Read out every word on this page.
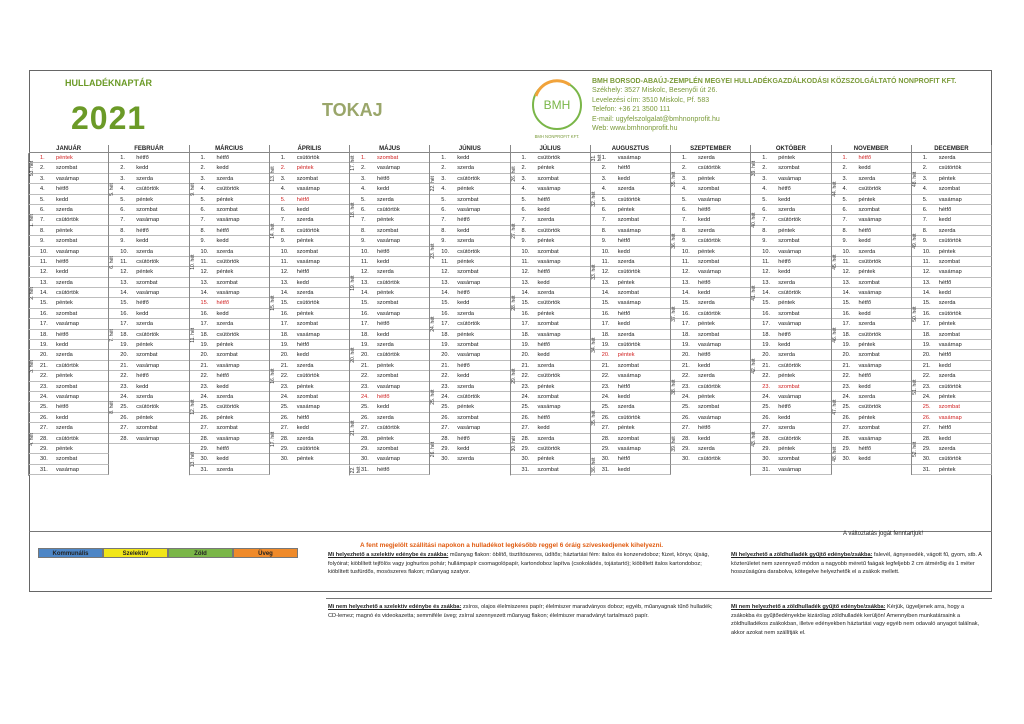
HULLADÉKNAPTÁR
2021	TOKAJ	BMH
BMH NONPROFIT KFT.
BMH BORSOD-ABAÚJ-ZEMPLÉN MEGYEI HULLADÉKGAZDÁLKODÁSI KÖZSZOLGÁLTATÓ NONPROFIT KFT.
Székhely: 3527 Miskolc, Besenyői út 26.
Levelezési cím: 3510 Miskolc, Pf. 583
Telefon: +36 21 3500 111
E-mail: ugyfelszolgalat@bmhnonprofit.hu
Web: www.bmhnonprofit.hu
JANUÁR
1. péntek
2. szombat
3. vasárnap
53. hét
4. hétfő
5. kedd
6. szerda
7. csütörtök
8. péntek
9. szombat
10. vasárnap
1. hét
11. hétfő
12. kedd
13. szerda
14. csütörtök
15. péntek
16. szombat
17. vasárnap
2. hét
18. hétfő
19. kedd
20. szerda
21. csütörtök
22. péntek
23. szombat
24. vasárnap
3. hét
25. hétfő
26. kedd
27. szerda
28. csütörtök
29. péntek
30. szombat
31. vasárnap
4. hét
FEBRUÁR
1. hétfő
2. kedd
3. szerda
4. csütörtök
5. péntek
6. szombat
7. vasárnap
5. hét
8. hétfő
9. kedd
10. szerda
11. csütörtök
12. péntek
13. szombat
14. vasárnap
6. hét
15. hétfő
16. kedd
17. szerda
18. csütörtök
19. péntek
20. szombat
21. vasárnap
7. hét
22. hétfő
23. kedd
24. szerda
25. csütörtök
26. péntek
27. szombat
28. vasárnap
8. hét
MÁRCIUS
1. hétfő
2. kedd
3. szerda
4. csütörtök
5. péntek
6. szombat
7. vasárnap
9. hét
8. hétfő
9. kedd
10. szerda
11. csütörtök
12. péntek
13. szombat
14. vasárnap
10. hét
15. hétfő
16. kedd
17. szerda
18. csütörtök
19. péntek
20. szombat
21. vasárnap
11. hét
22. hétfő
23. kedd
24. szerda
25. csütörtök
26. péntek
27. szombat
28. vasárnap
12. hét
29. hétfő
30. kedd
31. szerda
13. hét
ÁPRILIS
1. csütörtök
2. péntek
3. szombat
4. vasárnap
13. hét
5. hétfő
6. kedd
7. szerda
8. csütörtök
9. péntek
10. szombat
11. vasárnap
14. hét
12. hétfő
13. kedd
14. szerda
15. csütörtök
16. péntek
17. szombat
18. vasárnap
15. hét
19. hétfő
20. kedd
21. szerda
22. csütörtök
23. péntek
24. szombat
25. vasárnap
16. hét
26. hétfő
27. kedd
28. szerda
29. csütörtök
30. péntek
17. hét
MÁJUS
1. szombat
2. vasárnap
17. hét
3. hétfő
4. kedd
5. szerda
6. csütörtök
7. péntek
8. szombat
9. vasárnap
18. hét
10. hétfő
11. kedd
12. szerda
13. csütörtök
14. péntek
15. szombat
16. vasárnap
19. hét
17. hétfő
18. kedd
19. szerda
20. csütörtök
21. péntek
22. szombat
23. vasárnap
20. hét
24. hétfő
25. kedd
26. szerda
27. csütörtök
28. péntek
29. szombat
30. vasárnap
21. hét
31. hétfő
22. hét
JÚNIUS
1. kedd
2. szerda
3. csütörtök
4. péntek
5. szombat
6. vasárnap
22. hét
7. hétfő
8. kedd
9. szerda
10. csütörtök
11. péntek
12. szombat
13. vasárnap
23. hét
14. hétfő
15. kedd
16. szerda
17. csütörtök
18. péntek
19. szombat
20. vasárnap
24. hét
21. hétfő
22. kedd
23. szerda
24. csütörtök
25. péntek
26. szombat
27. vasárnap
25. hét
28. hétfő
29. kedd
30. szerda
26. hét
JÚLIUS
1. csütörtök
2. péntek
3. szombat
4. vasárnap
26. hét
5. hétfő
6. kedd
7. szerda
8. csütörtök
9. péntek
10. szombat
11. vasárnap
27. hét
12. hétfő
13. kedd
14. szerda
15. csütörtök
16. péntek
17. szombat
18. vasárnap
28. hét
19. hétfő
20. kedd
21. szerda
22. csütörtök
23. péntek
24. szombat
25. vasárnap
29. hét
26. hétfő
27. kedd
28. szerda
29. csütörtök
30. péntek
31. szombat
30. hét
AUGUSZTUS
1. vasárnap
31. hét
2. hétfő
3. kedd
4. szerda
5. csütörtök
6. péntek
7. szombat
8. vasárnap
32. hét
9. hétfő
10. kedd
11. szerda
12. csütörtök
13. péntek
14. szombat
15. vasárnap
33. hét
16. hétfő
17. kedd
18. szerda
19. csütörtök
20. péntek
21. szombat
22. vasárnap
34. hét
23. hétfő
24. kedd
25. szerda
26. csütörtök
27. péntek
28. szombat
29. vasárnap
35. hét
30. hétfő
31. kedd
36. hét
SZEPTEMBER
1. szerda
2. csütörtök
3. péntek
4. szombat
5. vasárnap
35. hét
6. hétfő
7. kedd
8. szerda
9. csütörtök
10. péntek
11. szombat
12. vasárnap
36. hét
13. hétfő
14. kedd
15. szerda
16. csütörtök
17. péntek
18. szombat
19. vasárnap
37. hét
20. hétfő
21. kedd
22. szerda
23. csütörtök
24. péntek
25. szombat
26. vasárnap
38. hét
27. hétfő
28. kedd
29. szerda
30. csütörtök
39. hét
OKTÓBER
1. péntek
2. szombat
3. vasárnap
39. hét
4. hétfő
5. kedd
6. szerda
7. csütörtök
8. péntek
9. szombat
10. vasárnap
40. hét
11. hétfő
12. kedd
13. szerda
14. csütörtök
15. péntek
16. szombat
17. vasárnap
41. hét
18. hétfő
19. kedd
20. szerda
21. csütörtök
22. péntek
23. szombat
24. vasárnap
42. hét
25. hétfő
26. kedd
27. szerda
28. csütörtök
29. péntek
30. szombat
31. vasárnap
43. hét
NOVEMBER
1. hétfő
2. kedd
3. szerda
4. csütörtök
5. péntek
6. szombat
7. vasárnap
44. hét
8. hétfő
9. kedd
10. szerda
11. csütörtök
12. péntek
13. szombat
14. vasárnap
45. hét
15. hétfő
16. kedd
17. szerda
18. csütörtök
19. péntek
20. szombat
21. vasárnap
46. hét
22. hétfő
23. kedd
24. szerda
25. csütörtök
26. péntek
27. szombat
28. vasárnap
47. hét
29. hétfő
30. kedd
48. hét
DECEMBER
1. szerda
2. csütörtök
3. péntek
4. szombat
5. vasárnap
48. hét
6. hétfő
7. kedd
8. szerda
9. csütörtök
10. péntek
11. szombat
12. vasárnap
49. hét
13. hétfő
14. kedd
15. szerda
16. csütörtök
17. péntek
18. szombat
19. vasárnap
50. hét
20. hétfő
21. kedd
22. szerda
23. csütörtök
24. péntek
25. szombat
26. vasárnap
51. hét
27. hétfő
28. kedd
29. szerda
30. csütörtök
31. péntek
52. hét
A változtatás jogát fenntartjuk!
A fent megjelölt szállítási napokon a hulladékot legkésőbb reggel 6 óráig szíveskedjenek kihelyezni.
Kommunális	Szelektív	Zöld	Üveg	Mi helyezhető a szelektív edénybe és zsákba: műanyag flakon: öblítő, tisztítószeres, üdítős; háztartási fém: italos és konzervdoboz; füzet, könyv, újság, folyóirat; kiöblített tejfölös vagy joghurtos pohár; hullámpapír csomagolópapír, kartondoboz lapítva (csokoládés, tojástartó); kiöblített italos kartondoboz; kiöblített tusfürdős, mosószeres flakon; műanyag szatyor.
Mi helyezhető a zöldhulladék gyűjtő edénybe/zsákba: falevél, ágnyesedék, vágott fű, gyom, stb. A közterületet nem szennyező módon a nagyobb méretű faágak legfeljebb 2 cm átmérőig és 1 méter hosszúságúra darabolva, kötegelve helyezhetők el a zsákok mellett.
Mi nem helyezhető a szelektív edénybe és zsákba: zsíros, olajos élelmiszeres papír; élelmiszer maradványos doboz; egyéb, műanyagnak tűnő hulladék; CD-lemez; magnó és videokazetta; semmiféle üveg; zsírral szennyezett műanyag flakon; élelmiszer maradványt tartalmazó papír.
Mi nem helyezhető a zöldhulladék gyűjtő edénybe/zsákba: Kérjük, ügyeljenek arra, hogy a zsákokba és gyűjtőedényekbe kizárólag zöldhulladék kerüljön! Amennyiben munkatársaink a zöldhulladékos zsákokban, illetve edényekben háztartási vagy egyéb nem odavaló anyagot találnak, akkor azokat nem szállítják el.
